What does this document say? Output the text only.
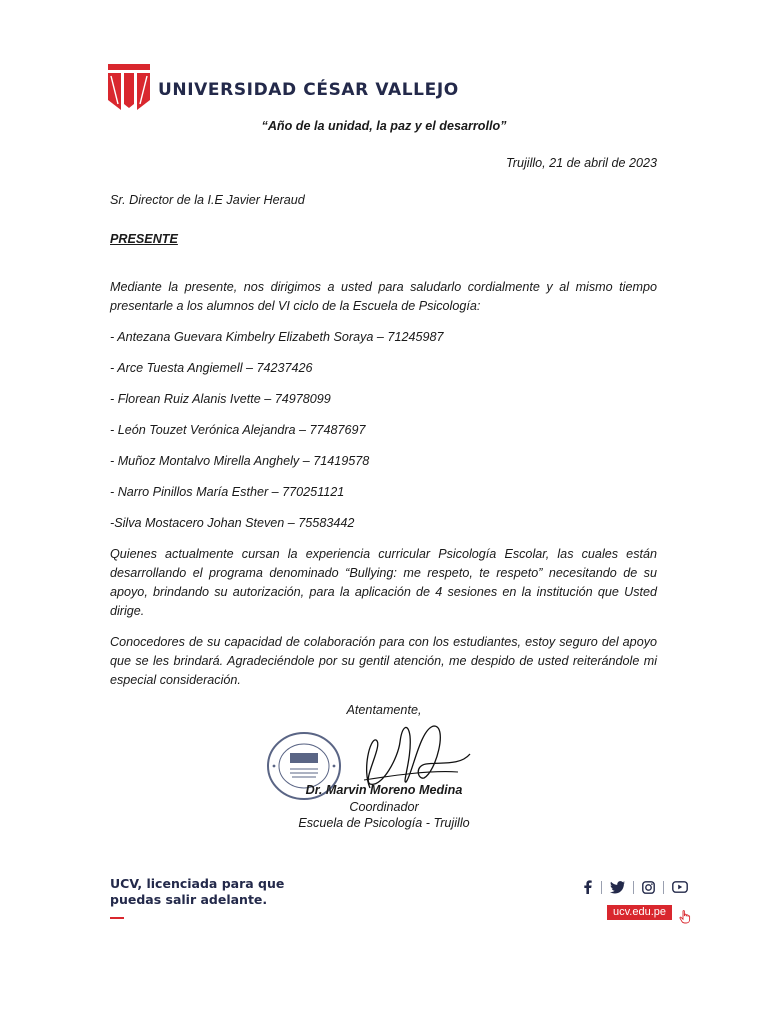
UNIVERSIDAD CÉSAR VALLEJO
“Año de la unidad, la paz y el desarrollo”
Trujillo, 21 de abril de 2023
Sr. Director de la I.E Javier Heraud
PRESENTE
Mediante la presente, nos dirigimos a usted para saludarlo cordialmente y al mismo tiempo presentarle a los alumnos del VI ciclo de la Escuela de Psicología:
- Antezana Guevara Kimbelry Elizabeth Soraya – 71245987
- Arce Tuesta Angiemell – 74237426
- Florean Ruiz Alanis Ivette – 74978099
- León Touzet Verónica Alejandra – 77487697
- Muñoz Montalvo Mirella Anghely – 71419578
- Narro Pinillos María Esther – 770251121
-Silva Mostacero Johan Steven – 75583442
Quienes actualmente cursan la experiencia curricular Psicología Escolar, las cuales están desarrollando el programa denominado “Bullying: me respeto, te respeto” necesitando de su apoyo, brindando su autorización, para la aplicación de 4 sesiones en la institución que Usted dirige.
Conocedores de su capacidad de colaboración para con los estudiantes, estoy seguro del apoyo que se les brindará. Agradeciéndole por su gentil atención, me despido de usted reiterándole mi especial consideración.
Atentamente,
Dr. Marvin Moreno Medina
Coordinador
Escuela de Psicología - Trujillo
UCV, licenciada para que
puedas salir adelante.
ucv.edu.pe
